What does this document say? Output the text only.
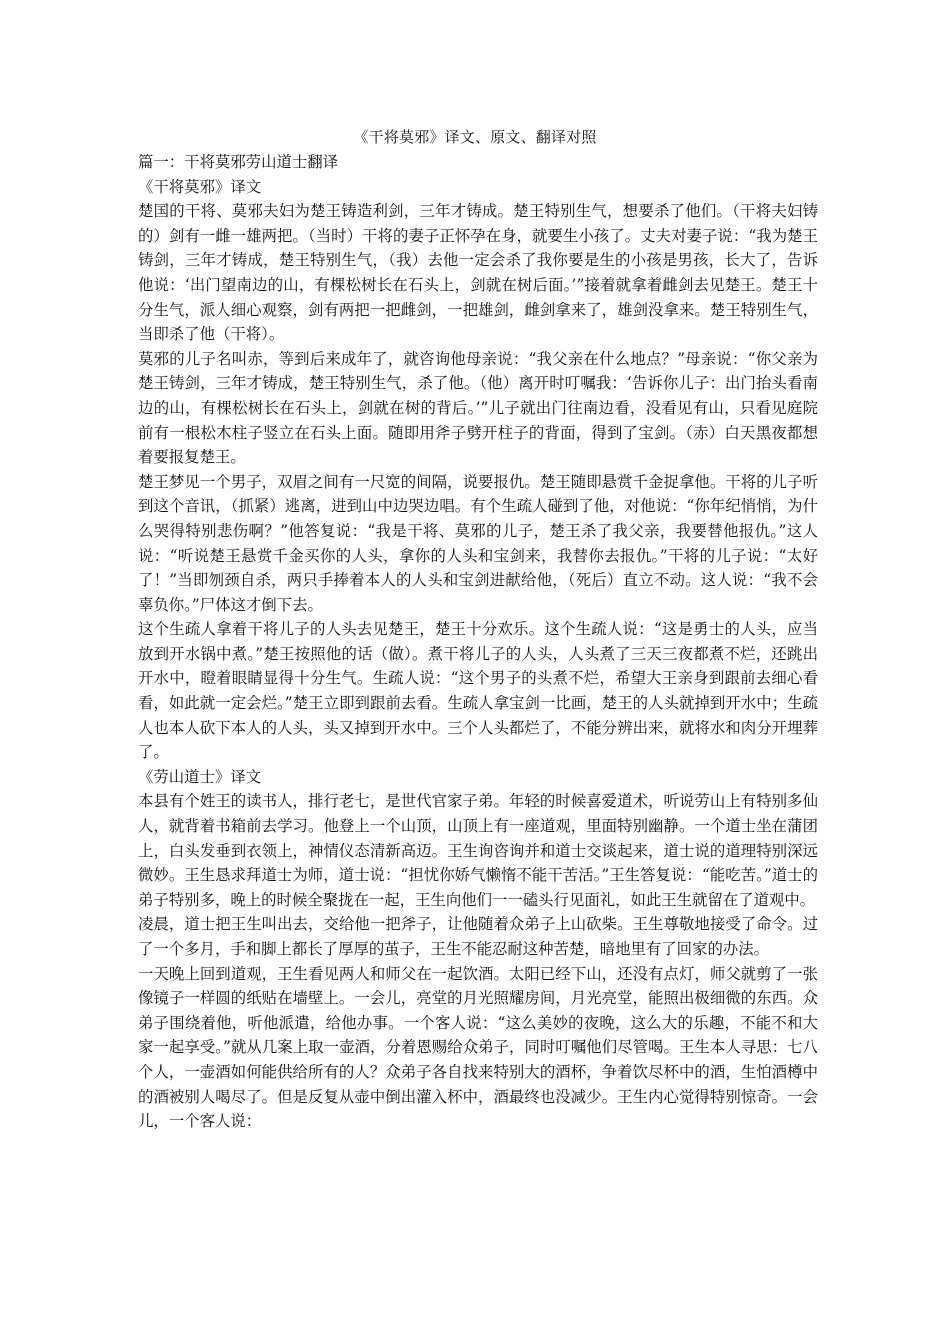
《干将莫邪》译文、原文、翻译对照

篇一：干将莫邪劳山道士翻译

《干将莫邪》译文

楚国的干将、莫邪夫妇为楚王铸造利剑，三年才铸成。楚王特别生气，想要杀了他们。（干将夫妇铸的）剑有一雌一雄两把。（当时）干将的妻子正怀孕在身，就要生小孩了。丈夫对妻子说：“我为楚王铸剑，三年才铸成，楚王特别生气，（我）去他一定会杀了我你要是生的小孩是男孩，长大了，告诉他说：‘出门望南边的山，有棵松树长在石头上，剑就在树后面。’”接着就拿着雌剑去见楚王。楚王十分生气，派人细心观察，剑有两把一把雌剑，一把雄剑，雌剑拿来了，雄剑没拿来。楚王特别生气，当即杀了他（干将）。

莫邪的儿子名叫赤，等到后来成年了，就咨询他母亲说：“我父亲在什么地点？”母亲说：“你父亲为楚王铸剑，三年才铸成，楚王特别生气，杀了他。（他）离开时叮嘱我：‘告诉你儿子：出门抬头看南边的山，有棵松树长在石头上，剑就在树的背后。’”儿子就出门往南边看，没看见有山，只看见庭院前有一根松木柱子竖立在石头上面。随即用斧子劈开柱子的背面，得到了宝剑。（赤）白天黑夜都想着要报复楚王。

楚王梦见一个男子，双眉之间有一尺宽的间隔，说要报仇。楚王随即悬赏千金捉拿他。干将的儿子听到这个音讯，（抓紧）逃离，进到山中边哭边唱。有个生疏人碰到了他，对他说：“你年纪悄悄，为什么哭得特别悲伤啊？”他答复说：“我是干将、莫邪的儿子，楚王杀了我父亲，我要替他报仇。”这人说：“听说楚王悬赏千金买你的人头，拿你的人头和宝剑来，我替你去报仇。”干将的儿子说：“太好了！”当即刎颈自杀，两只手捧着本人的人头和宝剑进献给他，（死后）直立不动。这人说：“我不会辜负你。”尸体这才倒下去。

这个生疏人拿着干将儿子的人头去见楚王，楚王十分欢乐。这个生疏人说：“这是勇士的人头，应当放到开水锅中煮。”楚王按照他的话（做）。煮干将儿子的人头，人头煮了三天三夜都煮不烂，还跳出开水中，瞪着眼睛显得十分生气。生疏人说：“这个男子的头煮不烂，希望大王亲身到跟前去细心看看，如此就一定会烂。”楚王立即到跟前去看。生疏人拿宝剑一比画，楚王的人头就掉到开水中；生疏人也本人砍下本人的人头，头又掉到开水中。三个人头都烂了，不能分辨出来，就将水和肉分开埋葬了。

《劳山道士》译文

本县有个姓王的读书人，排行老七，是世代官家子弟。年轻的时候喜爱道术，听说劳山上有特别多仙人，就背着书箱前去学习。他登上一个山顶，山顶上有一座道观，里面特别幽静。一个道士坐在蒲团上，白头发垂到衣领上，神情仪态清新高迈。王生询咨询并和道士交谈起来，道士说的道理特别深远微妙。王生恳求拜道士为师，道士说：“担忧你娇气懒惰不能干苦活。”王生答复说：“能吃苦。”道士的弟子特别多，晚上的时候全聚拢在一起，王生向他们一一磕头行见面礼，如此王生就留在了道观中。

凌晨，道士把王生叫出去，交给他一把斧子，让他随着众弟子上山砍柴。王生尊敬地接受了命令。过了一个多月，手和脚上都长了厚厚的茧子，王生不能忍耐这种苦楚，暗地里有了回家的办法。

一天晚上回到道观，王生看见两人和师父在一起饮酒。太阳已经下山，还没有点灯，师父就剪了一张像镜子一样圆的纸贴在墙壁上。一会儿，亮堂的月光照耀房间，月光亮堂，能照出极细微的东西。众弟子围绕着他，听他派遣，给他办事。一个客人说：“这么美妙的夜晚，这么大的乐趣，不能不和大家一起享受。”就从几案上取一壶酒，分着恩赐给众弟子，同时叮嘱他们尽管喝。王生本人寻思：七八个人，一壶酒如何能供给所有的人？众弟子各自找来特别大的酒杯，争着饮尽杯中的酒，生怕酒樽中的酒被别人喝尽了。但是反复从壶中倒出灌入杯中，酒最终也没减少。王生内心觉得特别惊奇。一会儿，一个客人说：
